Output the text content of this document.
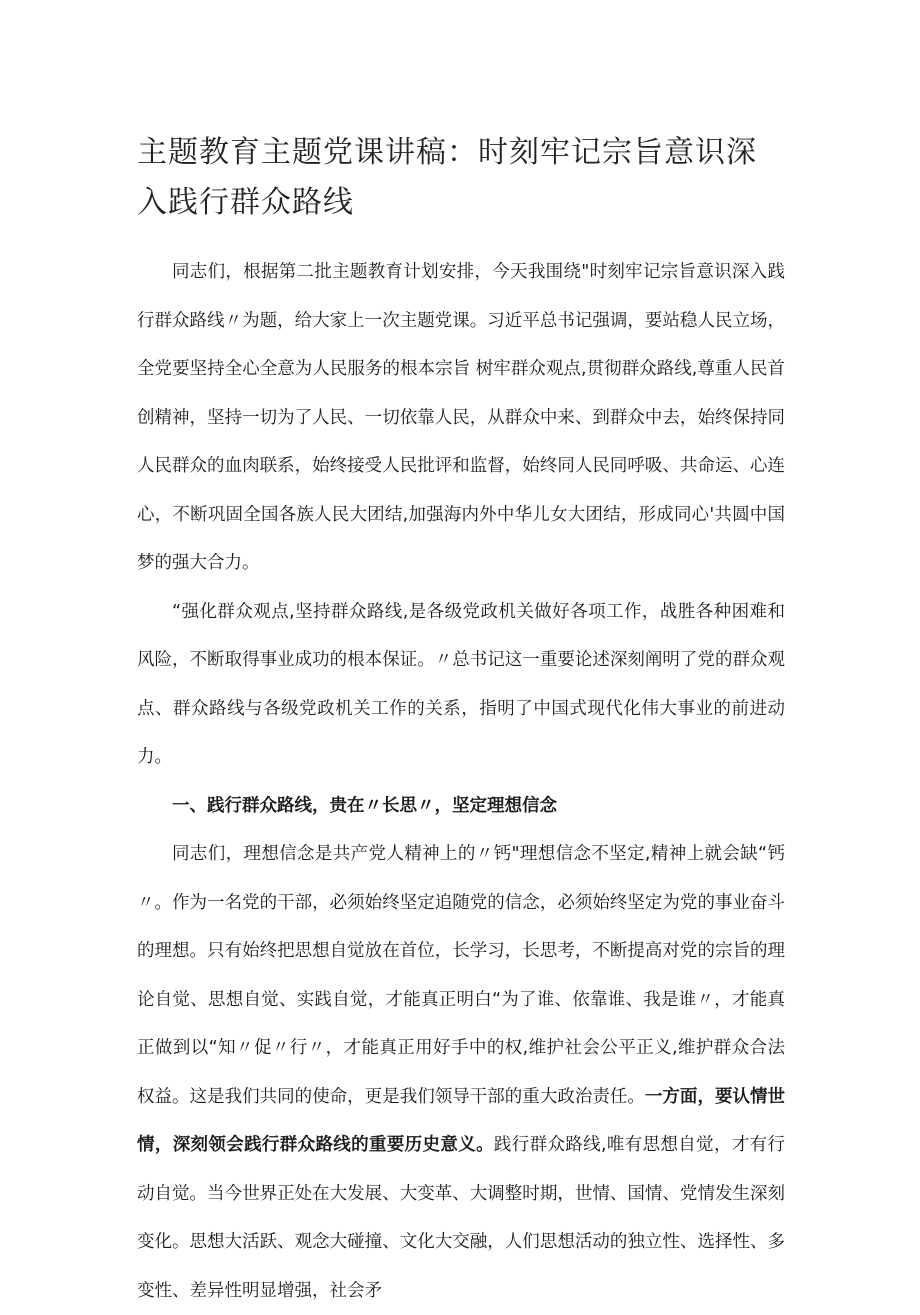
主题教育主题党课讲稿：时刻牢记宗旨意识深入践行群众路线

同志们，根据第二批主题教育计划安排，今天我围绕"时刻牢记宗旨意识深入践行群众路线〃为题，给大家上一次主题党课。习近平总书记强调，要站稳人民立场，全党要坚持全心全意为人民服务的根本宗旨 树牢群众观点,贯彻群众路线,尊重人民首创精神，坚持一切为了人民、一切依靠人民，从群众中来、到群众中去，始终保持同人民群众的血肉联系，始终接受人民批评和监督，始终同人民同呼吸、共命运、心连心，不断巩固全国各族人民大团结,加强海内外中华儿女大团结，形成同心'共圆中国梦的强大合力。

“强化群众观点,坚持群众路线,是各级党政机关做好各项工作，战胜各种困难和风险，不断取得事业成功的根本保证。〃总书记这一重要论述深刻阐明了党的群众观点、群众路线与各级党政机关工作的关系，指明了中国式现代化伟大事业的前进动力。

一、践行群众路线，贵在〃长思〃，坚定理想信念

同志们，理想信念是共产党人精神上的〃钙"理想信念不坚定,精神上就会缺“钙〃。作为一名党的干部，必须始终坚定追随党的信念，必须始终坚定为党的事业奋斗的理想。只有始终把思想自觉放在首位，长学习，长思考，不断提高对党的宗旨的理论自觉、思想自觉、实践自觉，才能真正明白“为了谁、依靠谁、我是谁〃，才能真正做到以“知〃促〃行〃，才能真正用好手中的权,维护社会公平正义,维护群众合法权益。这是我们共同的使命，更是我们领导干部的重大政治责任。一方面，要认情世情，深刻领会践行群众路线的重要历史意义。践行群众路线,唯有思想自觉，才有行动自觉。当今世界正处在大发展、大变革、大调整时期，世情、国情、党情发生深刻变化。思想大活跃、观念大碰撞、文化大交融，人们思想活动的独立性、选择性、多变性、差异性明显增强，社会矛
